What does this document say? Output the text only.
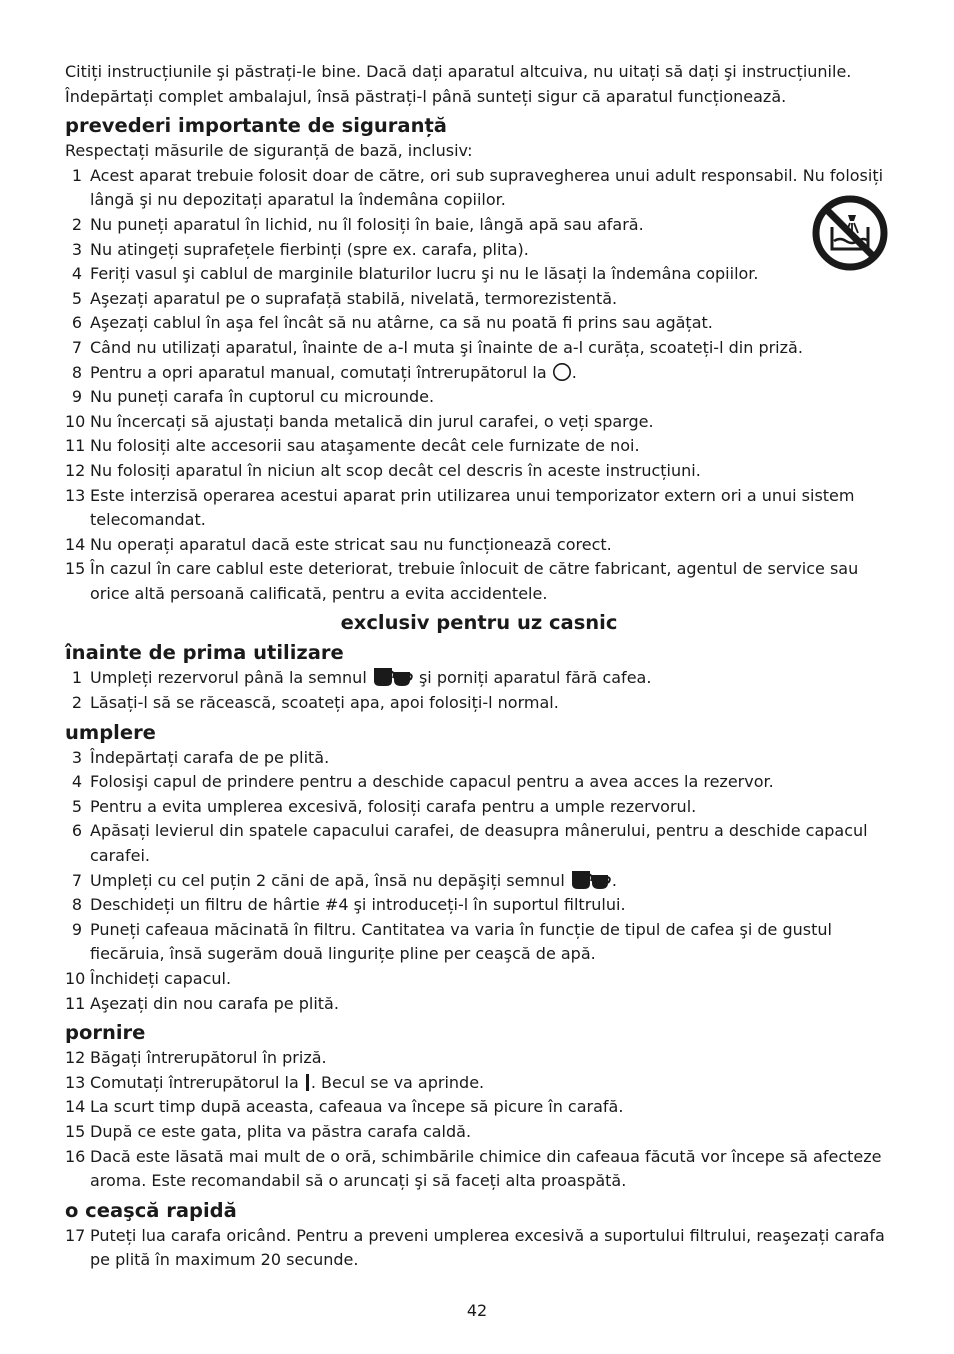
Citiți instrucțiunile şi păstrați-le bine. Dacă dați aparatul altcuiva, nu uitați să dați şi instrucțiunile.

Îndepărtați complet ambalajul, însă păstrați-l până sunteți sigur că aparatul funcționează.

prevederi importante de siguranță

Respectați măsurile de siguranță de bază, inclusiv:

1 Acest aparat trebuie folosit doar de către, ori sub supravegherea unui adult responsabil. Nu folosiți lângă şi nu depozitați aparatul la îndemâna copiilor.
2 Nu puneți aparatul în lichid, nu îl folosiți în baie, lângă apă sau afară.
3 Nu atingeți suprafețele fierbinți (spre ex. carafa, plita).
4 Feriți vasul şi cablul de marginile blaturilor lucru şi nu le lăsați la îndemâna copiilor.
5 Aşezați aparatul pe o suprafață stabilă, nivelată, termorezistentă.
6 Aşezați cablul în aşa fel încât să nu atârne, ca să nu poată fi prins sau agățat.
7 Când nu utilizați aparatul, înainte de a-l muta şi înainte de a-l curăța, scoateți-l din priză.
8 Pentru a opri aparatul manual, comutați întrerupătorul la .
9 Nu puneți carafa în cuptorul cu microunde.
10 Nu încercați să ajustați banda metalică din jurul carafei, o veți sparge.
11 Nu folosiți alte accesorii sau ataşamente decât cele furnizate de noi.
12 Nu folosiți aparatul în niciun alt scop decât cel descris în aceste instrucțiuni.
13 Este interzisă operarea acestui aparat prin utilizarea unui temporizator extern ori a unui sistem telecomandat.
14 Nu operați aparatul dacă este stricat sau nu funcționează corect.
15 În cazul în care cablul este deteriorat, trebuie înlocuit de către fabricant, agentul de service sau orice altă persoană calificată, pentru a evita accidentele.
exclusiv pentru uz casnic
înainte de prima utilizare
1 Umpleți rezervorul până la semnul	şi porniți aparatul fără cafea.
2 Lăsați-l să se răcească, scoateți apa, apoi folosiți-l normal.
umplere
3 Îndepărtați carafa de pe plită.
4 Folosişi capul de prindere pentru a deschide capacul pentru a avea acces la rezervor.
5 Pentru a evita umplerea excesivă, folosiți carafa pentru a umple rezervorul.
6 Apăsați levierul din spatele capacului carafei, de deasupra mânerului, pentru a deschide capacul carafei.
7 Umpleți cu cel puțin 2 căni de apă, însă nu depăşiți semnul	.
8 Deschideți un filtru de hârtie #4 şi introduceți-l în suportul filtrului.
9 Puneți cafeaua măcinată în filtru. Cantitatea va varia în funcție de tipul de cafea şi de gustul fiecăruia, însă sugerăm două lingurițe pline per ceaşcă de apă.
10 Închideți capacul.
11 Aşezați din nou carafa pe plită.
pornire
12 Băgați întrerupătorul în priză.
13 Comutați întrerupătorul la . Becul se va aprinde.
14 La scurt timp după aceasta, cafeaua va începe să picure în carafă.
15 După ce este gata, plita va păstra carafa caldă.
16 Dacă este lăsată mai mult de o oră, schimbările chimice din cafeaua făcută vor începe să afecteze aroma. Este recomandabil să o aruncați şi să faceți alta proaspătă.
o ceaşcă rapidă
17 Puteți lua carafa oricând. Pentru a preveni umplerea excesivă a suportului filtrului, reaşezați carafa pe plită în maximum 20 secunde.
42
